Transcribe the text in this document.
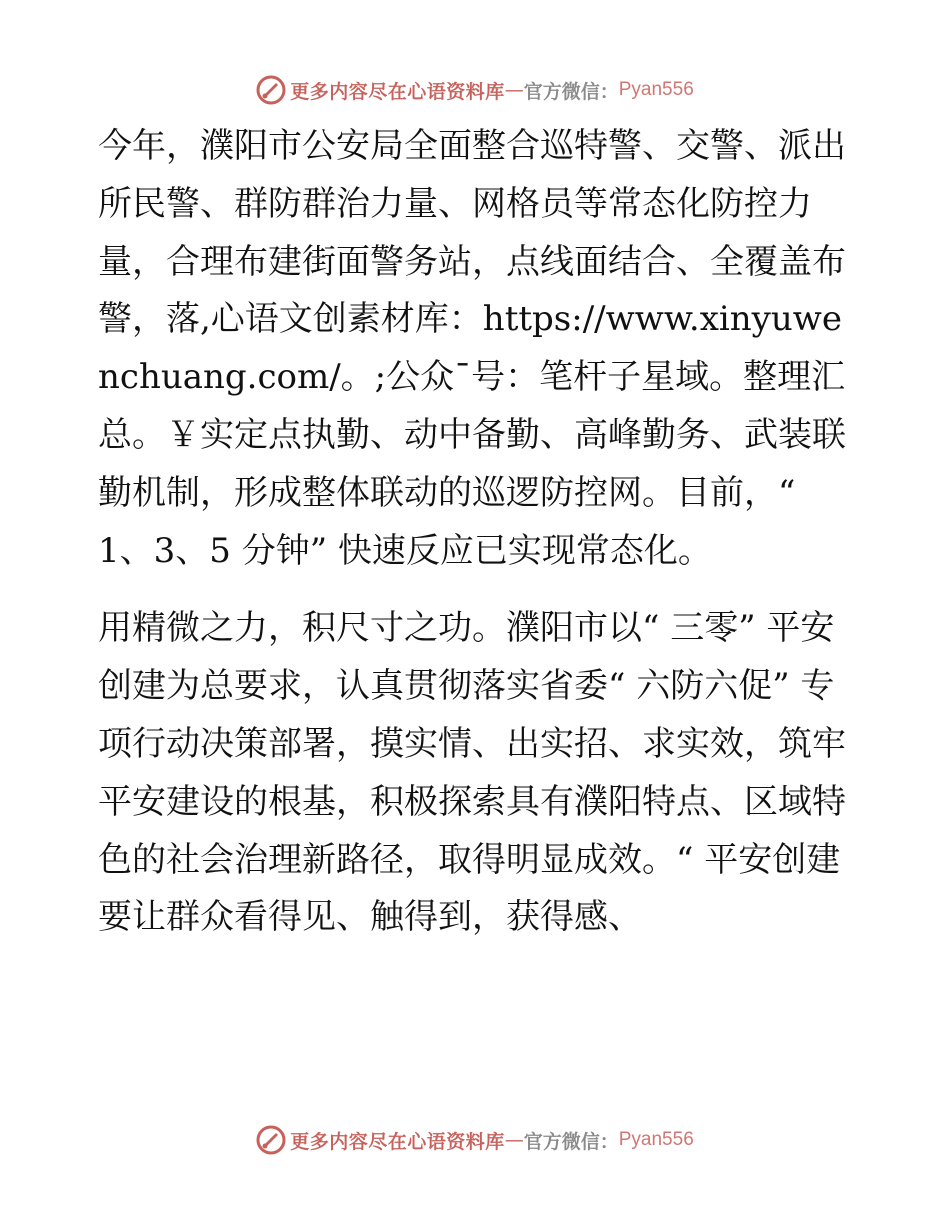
更多内容尽在心语资料库 — 官方微信： Pyan556

今年，濮阳市公安局全面整合巡特警、交警、派出所民警、群防群治力量、网格员等常态化防控力量，合理布建街面警务站，点线面结合、全覆盖布警，落,心语文创素材库：https://www.xinyuwenchuang.com/。;公众¯号：笔杆子星域。整理汇总。￥实定点执勤、动中备勤、高峰勤务、武装联勤机制，形成整体联动的巡逻防控网。目前，“ 1、3、5 分钟” 快速反应已实现常态化。

用精微之力，积尺寸之功。濮阳市以“ 三零” 平安创建为总要求，认真贯彻落实省委“ 六防六促” 专项行动决策部署，摸实情、出实招、求实效，筑牢平安建设的根基，积极探索具有濮阳特点、区域特色的社会治理新路径，取得明显成效。“ 平安创建要让群众看得见、触得到，获得感、

更多内容尽在心语资料库 — 官方微信： Pyan556
